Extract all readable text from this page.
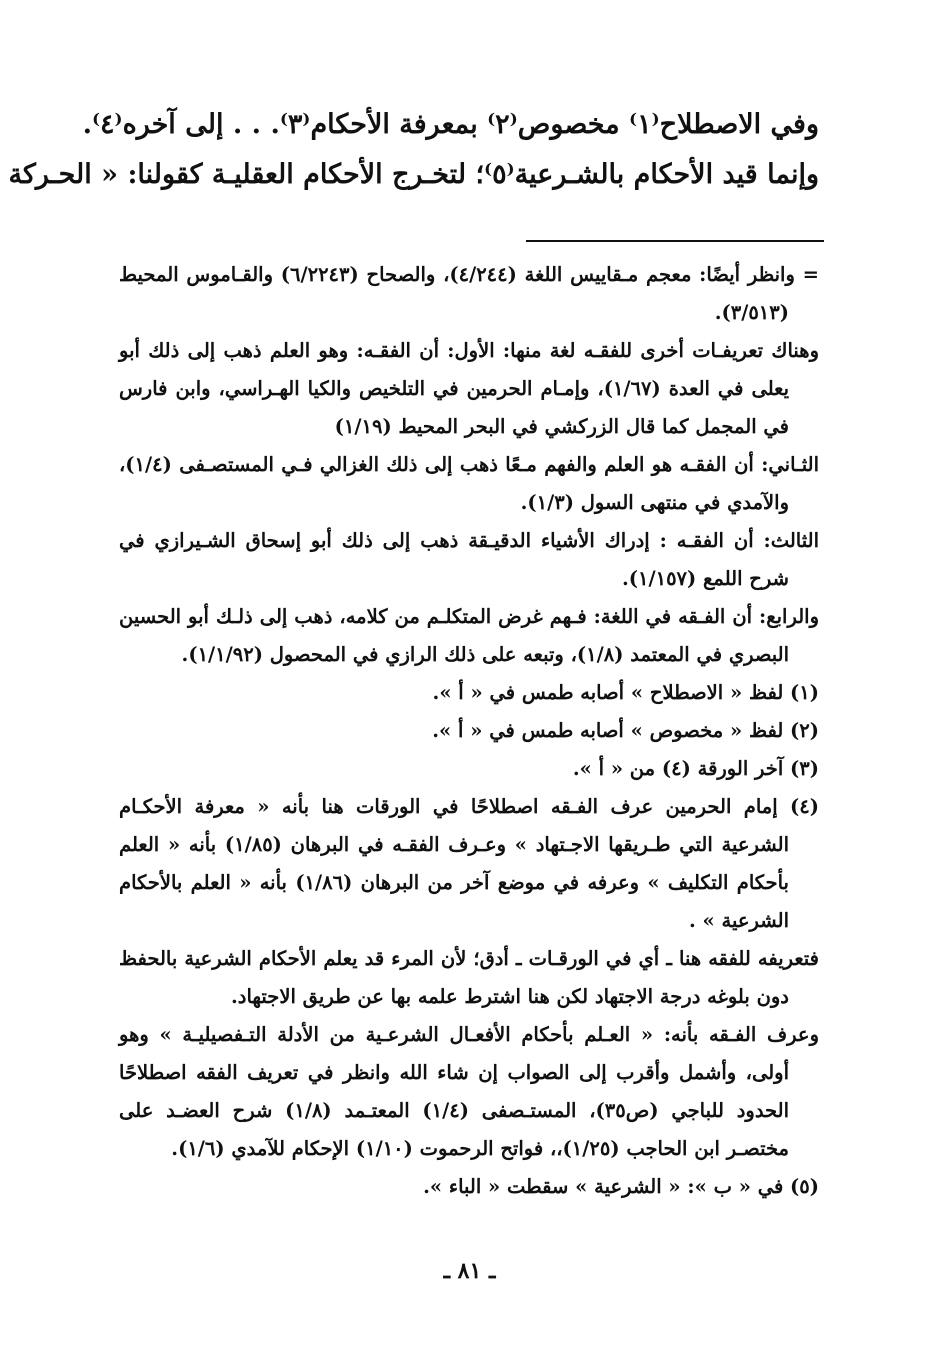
وفي الاصطلاح⁽١⁾ مخصوص⁽٢⁾ بمعرفة الأحكام⁽٣⁾. . . إلى آخره⁽٤⁾.
وإنما قيد الأحكام بالشـرعية⁽٥⁾؛ لتخـرج الأحكام العقليـة كقولنا: « الحـركة

= وانظر أيضًا: معجم مـقاييس اللغة (٤/٢٤٤)، والصحاح (٦/٢٢٤٣) والقـاموس المحيط (٣/٥١٣).

وهناك تعريفـات أخرى للفقـه لغة منها: الأول: أن الفقـه: وهو العلم ذهب إلى ذلك أبو يعلى في العدة (١/٦٧)، وإمـام الحرمين في التلخيص والكيا الهـراسي، وابن فارس في المجمل كما قال الزركشي في البحر المحيط (١/١٩)

الثـاني: أن الفقـه هو العلم والفهم مـعًا ذهب إلى ذلك الغزالي فـي المستصـفى (١/٤)، والآمدي في منتهى السول (١/٣).

الثالث: أن الفقـه : إدراك الأشياء الدقيـقة ذهب إلى ذلك أبو إسحاق الشـيرازي في شرح اللمع (١/١٥٧).

والرابع: أن الفـقه في اللغة: فـهم غرض المتكلـم من كلامه، ذهب إلى ذلـك أبو الحسين البصري في المعتمد (١/٨)، وتبعه على ذلك الرازي في المحصول (١/١/٩٢).

(١) لفظ « الاصطلاح » أصابه طمس في « أ ».

(٢) لفظ « مخصوص » أصابه طمس في « أ ».

(٣) آخر الورقة (٤) من « أ ».

(٤) إمام الحرمين عرف الفـقه اصطلاحًا في الورقات هنا بأنه « معرفة الأحكـام الشرعية التي طـريقها الاجـتهاد » وعـرف الفقـه في البرهان (١/٨٥) بأنه « العلم بأحكام التكليف » وعرفه في موضع آخر من البرهان (١/٨٦) بأنه « العلم بالأحكام الشرعية » .

فتعريفه للفقه هنا ـ أي في الورقـات ـ أدق؛ لأن المرء قد يعلم الأحكام الشرعية بالحفظ دون بلوغه درجة الاجتهاد لكن هنا اشترط علمه بها عن طريق الاجتهاد.

وعرف الفـقه بأنه: « العـلم بأحكام الأفعـال الشرعـية من الأدلة التـفصيليـة » وهو أولى، وأشمل وأقرب إلى الصواب إن شاء الله وانظر في تعريف الفقه اصطلاحًا الحدود للباجي (ص٣٥)، المستـصفى (١/٤) المعتـمد (١/٨) شرح العضـد على مختصـر ابن الحاجب (١/٢٥)،، فواتح الرحموت (١/١٠) الإحكام للآمدي (١/٦).

(٥) في « ب »: « الشرعية » سقطت « الباء ».

ـ ٨١ ـ
